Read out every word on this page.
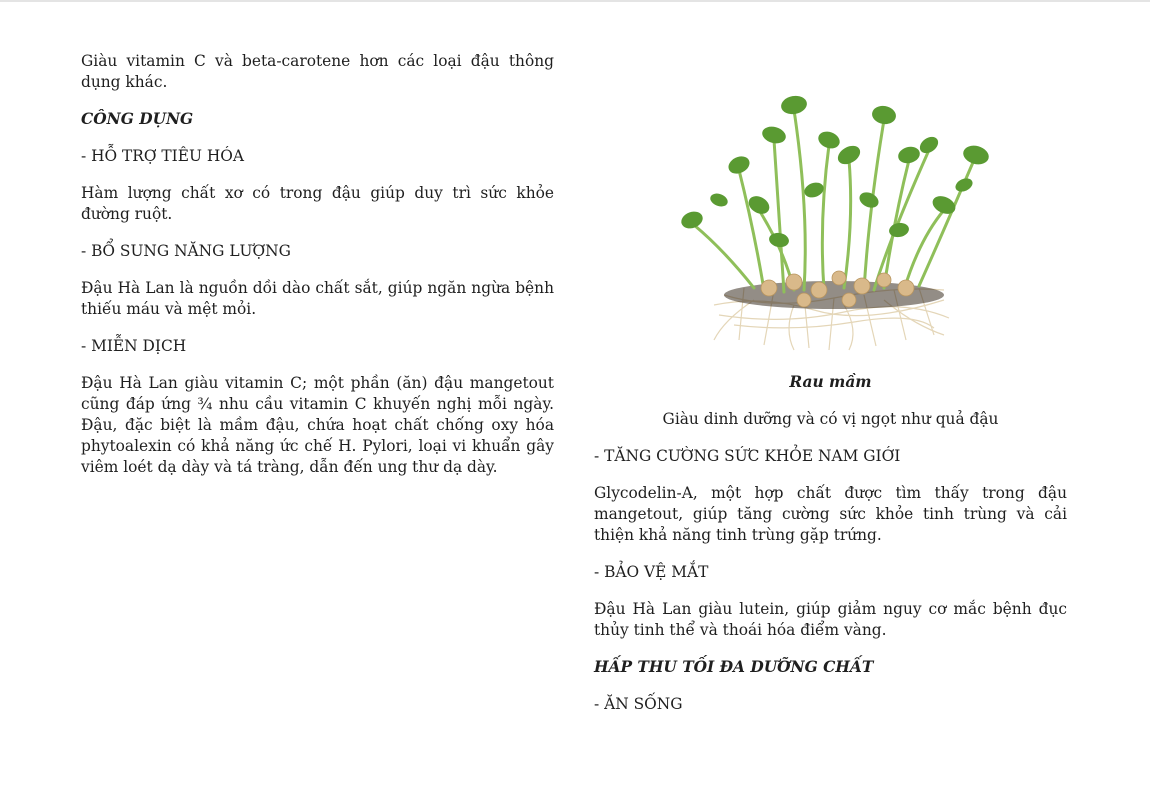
Giàu vitamin C và beta-carotene hơn các loại đậu thông dụng khác.

CÔNG DỤNG

- HỖ TRỢ TIÊU HÓA

Hàm lượng chất xơ có trong đậu giúp duy trì sức khỏe đường ruột.

- BỔ SUNG NĂNG LƯỢNG

Đậu Hà Lan là nguồn dồi dào chất sắt, giúp ngăn ngừa bệnh thiếu máu và mệt mỏi.

- MIỄN DỊCH

Đậu Hà Lan giàu vitamin C; một phần (ăn) đậu mangetout cũng đáp ứng ¾ nhu cầu vitamin C khuyến nghị mỗi ngày. Đậu, đặc biệt là mầm đậu, chứa hoạt chất chống oxy hóa phytoalexin có khả năng ức chế H. Pylori, loại vi khuẩn gây viêm loét dạ dày và tá tràng, dẫn đến ung thư dạ dày.

Rau mầm

Giàu dinh dưỡng và có vị ngọt như quả đậu

- TĂNG CƯỜNG SỨC KHỎE NAM GIỚI

Glycodelin-A, một hợp chất được tìm thấy trong đậu mangetout, giúp tăng cường sức khỏe tinh trùng và cải thiện khả năng tinh trùng gặp trứng.

- BẢO VỆ MẮT

Đậu Hà Lan giàu lutein, giúp giảm nguy cơ mắc bệnh đục thủy tinh thể và thoái hóa điểm vàng.

HẤP THU TỐI ĐA DƯỠNG CHẤT

- ĂN SỐNG
